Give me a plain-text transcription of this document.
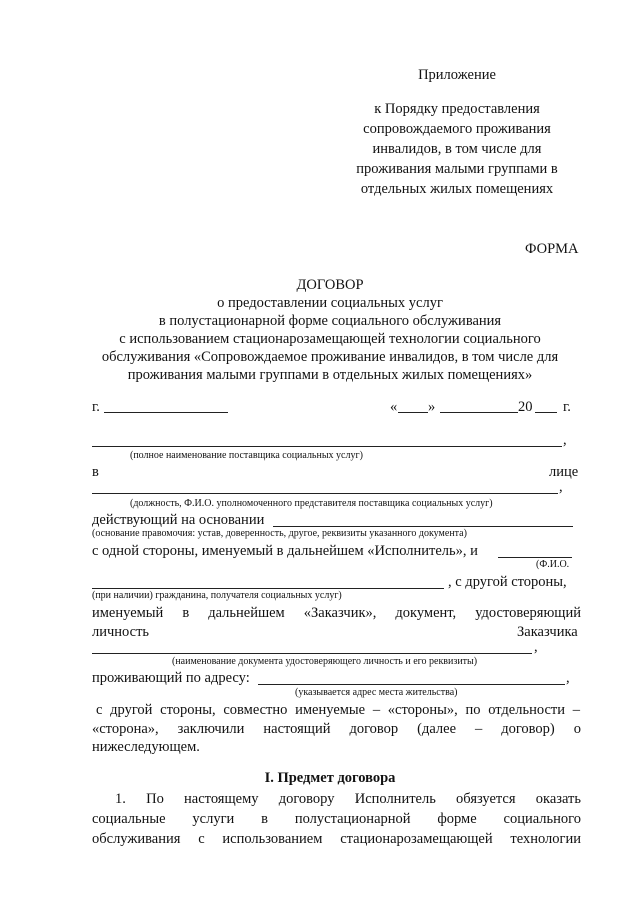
Приложение
к Порядку предоставления
сопровождаемого проживания
инвалидов, в том числе для
проживания малыми группами в
отдельных жилых помещениях
ФОРМА
ДОГОВОР
о предоставлении социальных услуг
в полустационарной форме социального обслуживания
с использованием стационарозамещающей технологии социального
обслуживания «Сопровождаемое проживание инвалидов, в том числе для
проживания малыми группами в отдельных жилых помещениях»
г.	« »	20 г.
,
(полное наименование поставщика социальных услуг)
в	лице
,
(должность, Ф.И.О. уполномоченного представителя поставщика социальных услуг)
действующий на основании
(основание правомочия: устав, доверенность, другое, реквизиты указанного документа)
с одной стороны, именуемый в дальнейшем «Исполнитель», и
(Ф.И.О.
, с другой стороны,
(при наличии) гражданина, получателя социальных услуг)
именуемый в дальнейшем «Заказчик», документ, удостоверяющий
личность	Заказчика
,
(наименование документа удостоверяющего личность и его реквизиты)
проживающий по адресу:	,
(указывается адрес места жительства)
с другой стороны, совместно именуемые – «стороны», по отдельности –
«сторона», заключили настоящий договор (далее – договор) о
нижеследующем.
I. Предмет договора
1. По настоящему договору Исполнитель обязуется оказать
социальные услуги в полустационарной форме социального
обслуживания с использованием стационарозамещающей технологии
